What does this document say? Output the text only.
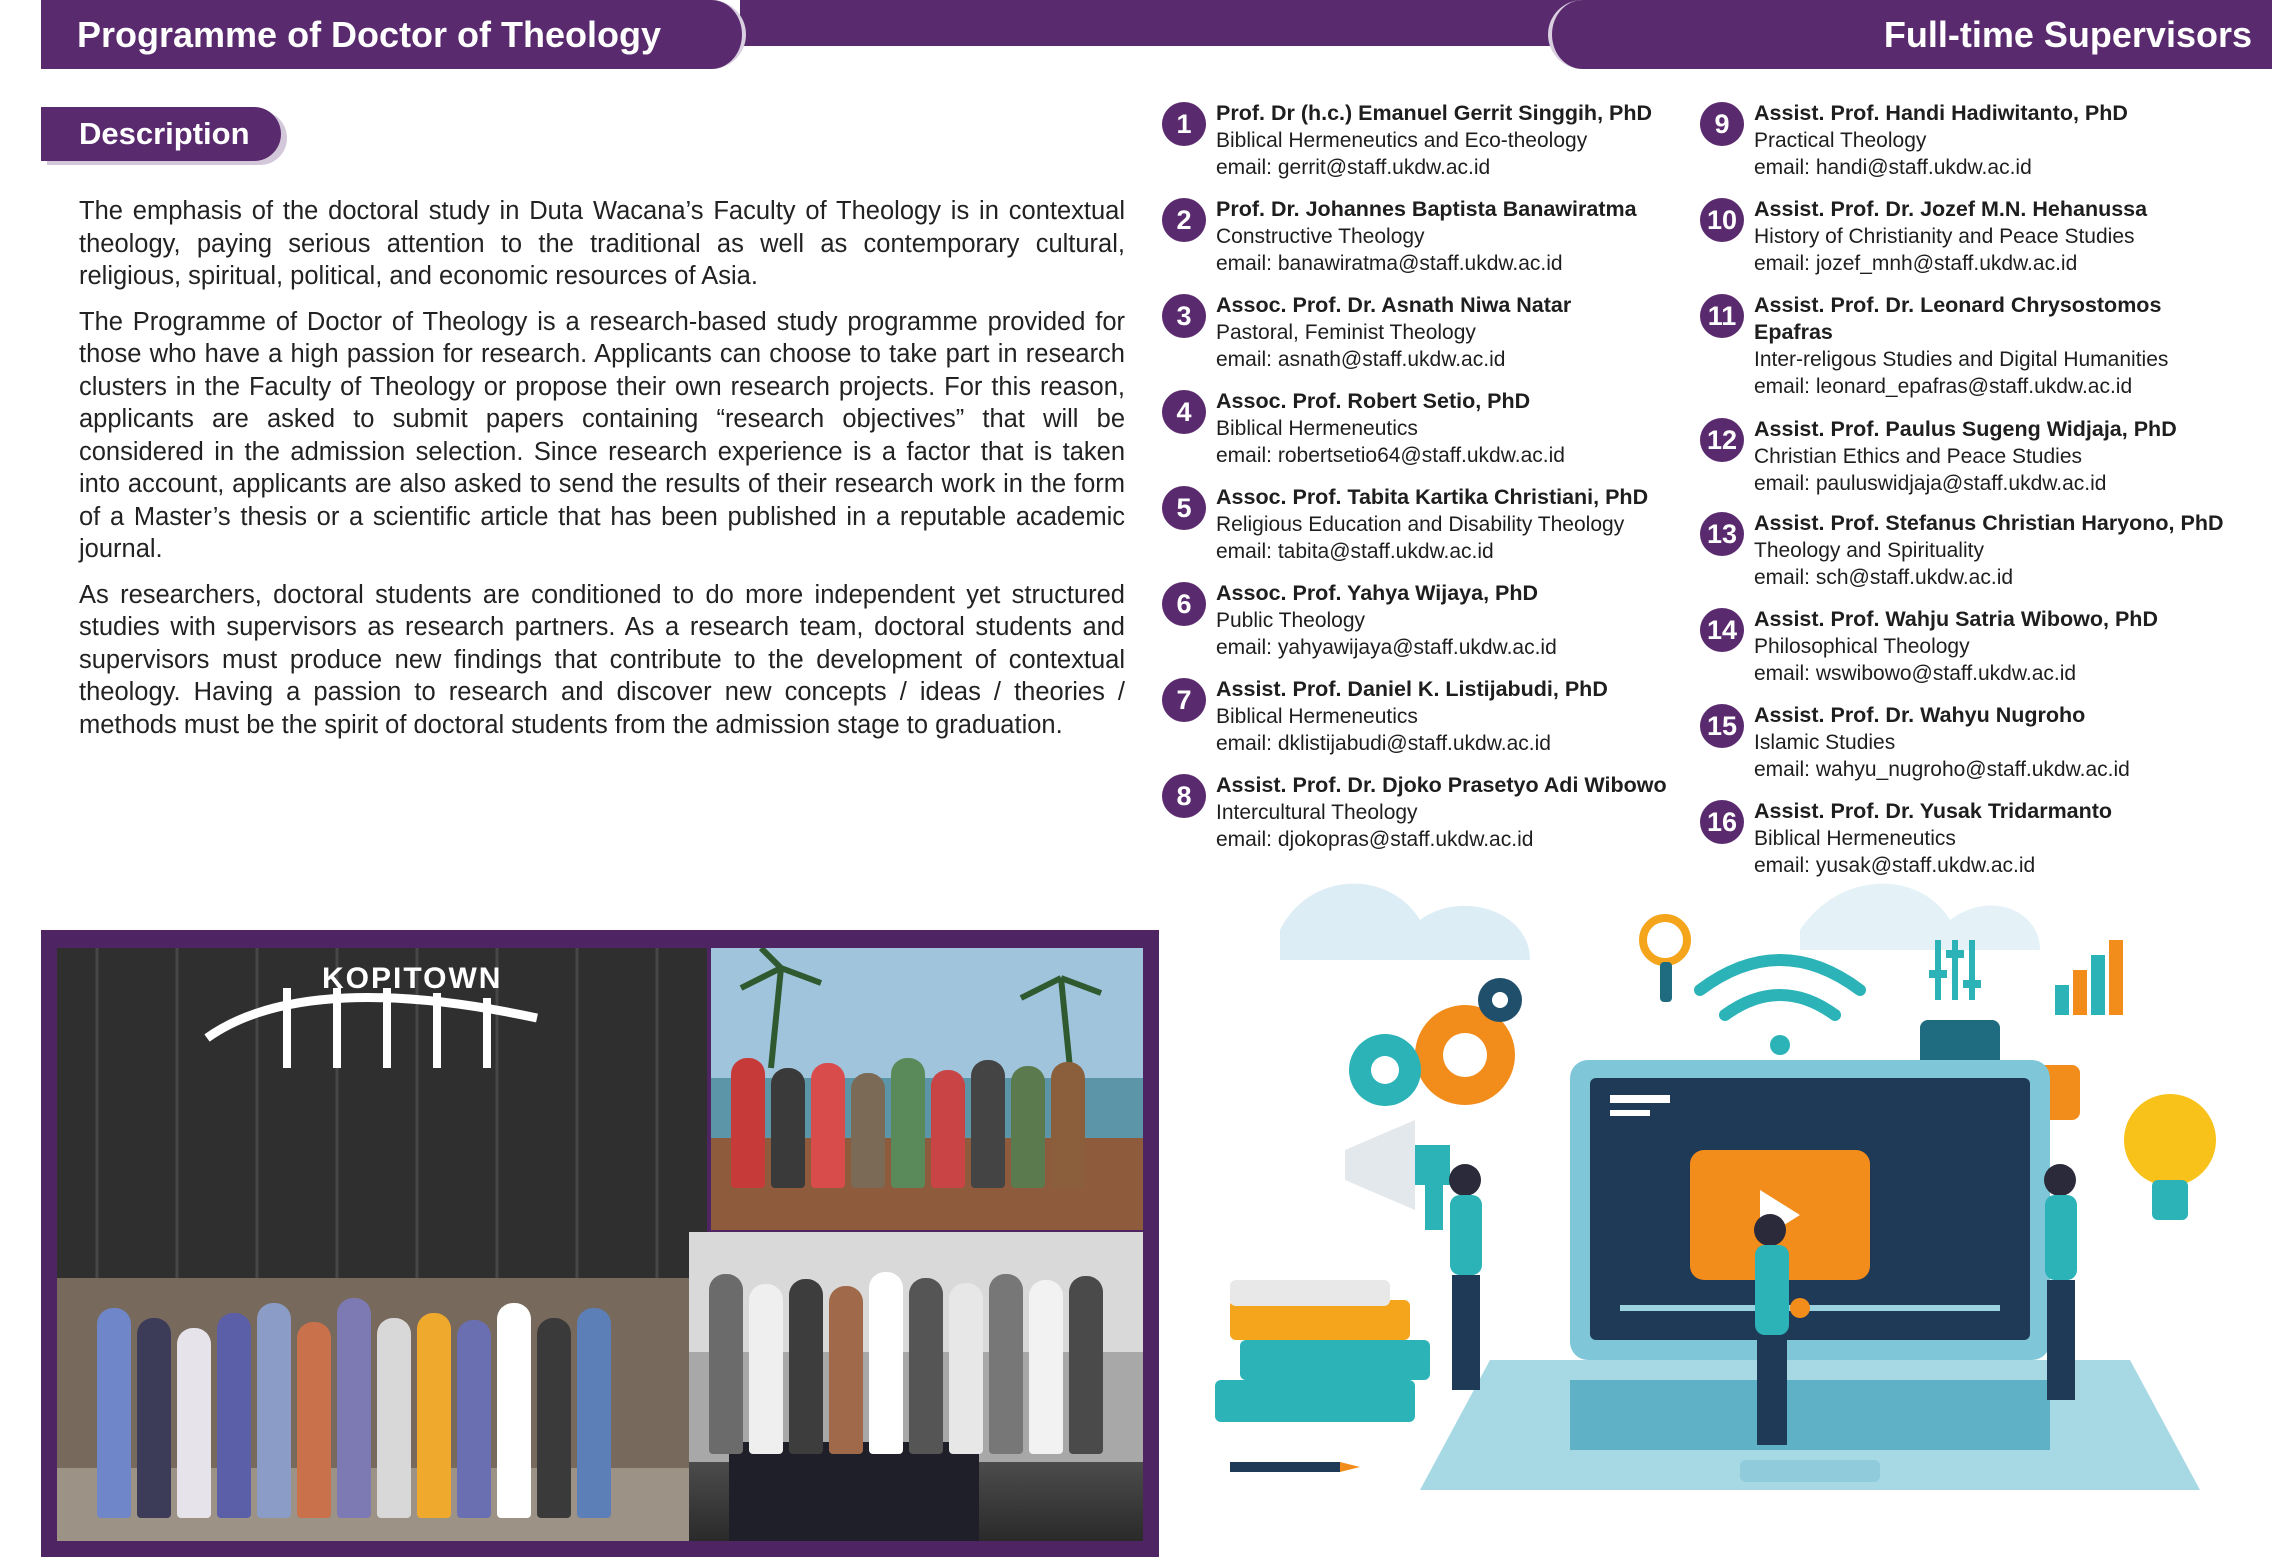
Programme of Doctor of Theology	Full-time Supervisors
Description

The emphasis of the doctoral study in Duta Wacana’s Faculty of Theology is in contextual theology, paying serious attention to the traditional as well as contemporary cultural, religious, spiritual, political, and economic resources of Asia.

The Programme of Doctor of Theology is a research-based study programme provided for those who have a high passion for research. Applicants can choose to take part in research clusters in the Faculty of Theology or propose their own research projects. For this reason, applicants are asked to submit papers containing “research objectives” that will be considered in the admission selection. Since research experience is a factor that is taken into account, applicants are also asked to send the results of their research work in the form of a Master’s thesis or a scientific article that has been published in a reputable academic journal.

As researchers, doctoral students are conditioned to do more independent yet structured studies with supervisors as research partners. As a research team, doctoral students and supervisors must produce new findings that contribute to the development of contextual theology. Having a passion to research and discover new concepts / ideas / theories / methods must be the spirit of doctoral students from the admission stage to graduation.

1	Prof. Dr (h.c.) Emanuel Gerrit Singgih, PhD
Biblical Hermeneutics and Eco-theology
email: gerrit@staff.ukdw.ac.id
2	Prof. Dr. Johannes Baptista Banawiratma
Constructive Theology
email: banawiratma@staff.ukdw.ac.id
3	Assoc. Prof. Dr. Asnath Niwa Natar
Pastoral, Feminist Theology
email: asnath@staff.ukdw.ac.id
4	Assoc. Prof. Robert Setio, PhD
Biblical Hermeneutics
email: robertsetio64@staff.ukdw.ac.id
5	Assoc. Prof. Tabita Kartika Christiani, PhD
Religious Education and Disability Theology
email: tabita@staff.ukdw.ac.id
6	Assoc. Prof. Yahya Wijaya, PhD
Public Theology
email: yahyawijaya@staff.ukdw.ac.id
7	Assist. Prof. Daniel K. Listijabudi, PhD
Biblical Hermeneutics
email: dklistijabudi@staff.ukdw.ac.id
8	Assist. Prof. Dr. Djoko Prasetyo Adi Wibowo
Intercultural Theology
email: djokopras@staff.ukdw.ac.id
9	Assist. Prof. Handi Hadiwitanto, PhD
Practical Theology
email: handi@staff.ukdw.ac.id
10 Assist. Prof. Dr. Jozef M.N. Hehanussa
History of Christianity and Peace Studies
email: jozef_mnh@staff.ukdw.ac.id
11 Assist. Prof. Dr. Leonard Chrysostomos
Epafras
Inter-religous Studies and Digital Humanities
email: leonard_epafras@staff.ukdw.ac.id
12 Assist. Prof. Paulus Sugeng Widjaja, PhD
Christian Ethics and Peace Studies
email: pauluswidjaja@staff.ukdw.ac.id
13 Assist. Prof. Stefanus Christian Haryono, PhD
Theology and Spirituality
email: sch@staff.ukdw.ac.id
14 Assist. Prof. Wahju Satria Wibowo, PhD
Philosophical Theology
email: wswibowo@staff.ukdw.ac.id
15 Assist. Prof. Dr. Wahyu Nugroho
Islamic Studies
email: wahyu_nugroho@staff.ukdw.ac.id
16 Assist. Prof. Dr. Yusak Tridarmanto
Biblical Hermeneutics
email: yusak@staff.ukdw.ac.id
KOPITOWN
